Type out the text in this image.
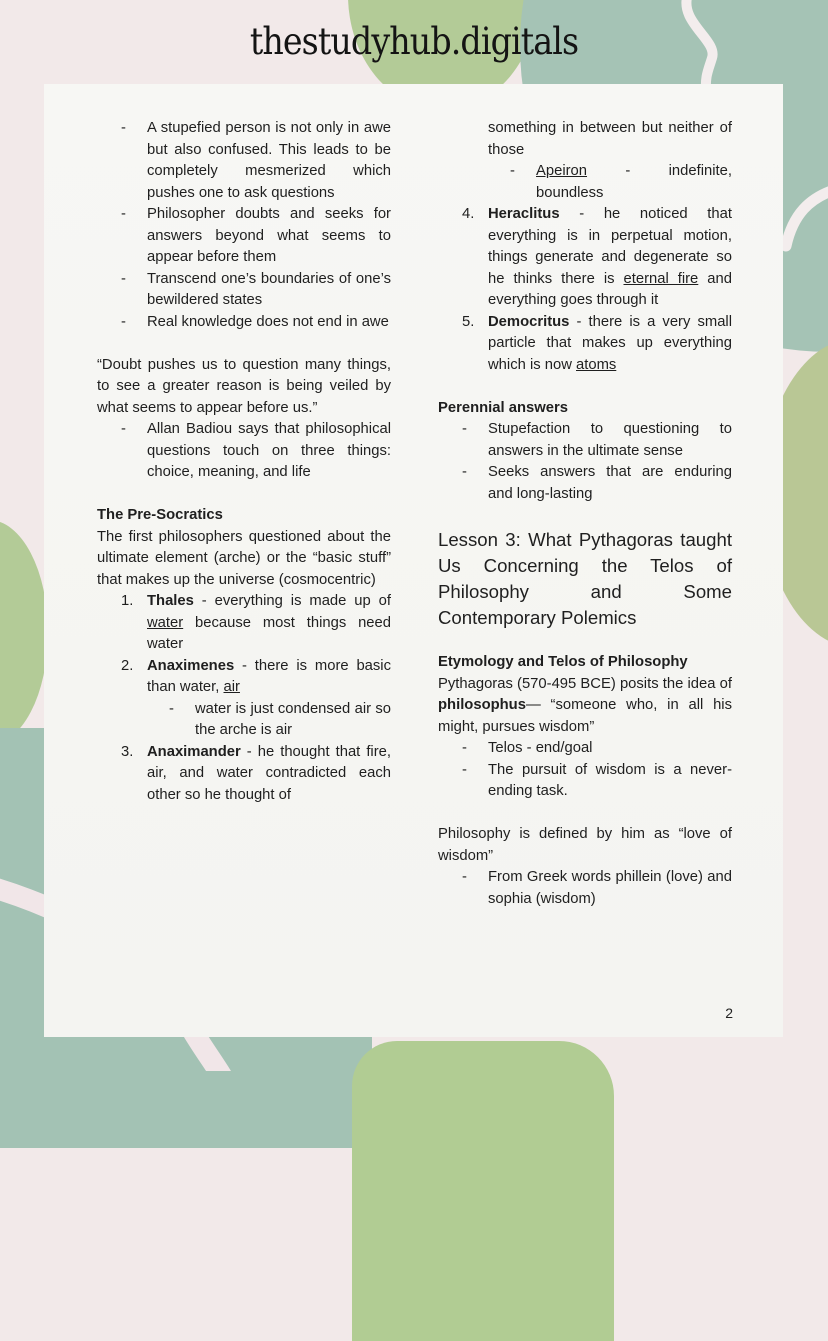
thestudyhub.digitals
- A stupefied person is not only in awe but also confused. This leads to be completely mesmerized which pushes one to ask questions
- Philosopher doubts and seeks for answers beyond what seems to appear before them
- Transcend one’s boundaries of one’s bewildered states
- Real knowledge does not end in awe
“Doubt pushes us to question many things, to see a greater reason is being veiled by what seems to appear before us.”
- Allan Badiou says that philosophical questions touch on three things: choice, meaning, and life
The Pre-Socratics
The first philosophers questioned about the ultimate element (arche) or the “basic stuff” that makes up the universe (cosmocentric)
1. Thales - everything is made up of water because most things need water
2. Anaximenes - there is more basic than water, air
- water is just condensed air so the arche is air
3. Anaximander - he thought that fire, air, and water contradicted each other so he thought of
something in between but neither of those
- Apeiron - indefinite, boundless
4. Heraclitus - he noticed that everything is in perpetual motion, things generate and degenerate so he thinks there is eternal fire and everything goes through it
5. Democritus - there is a very small particle that makes up everything which is now atoms
Perennial answers
- Stupefaction to questioning to answers in the ultimate sense
- Seeks answers that are enduring and long-lasting
Lesson 3: What Pythagoras taught Us Concerning the Telos of Philosophy and Some Contemporary Polemics
Etymology and Telos of Philosophy
Pythagoras (570-495 BCE) posits the idea of philosophus— “someone who, in all his might, pursues wisdom”
- Telos - end/goal
- The pursuit of wisdom is a never-ending task.
Philosophy is defined by him as “love of wisdom”
- From Greek words phillein (love) and sophia (wisdom)
2
